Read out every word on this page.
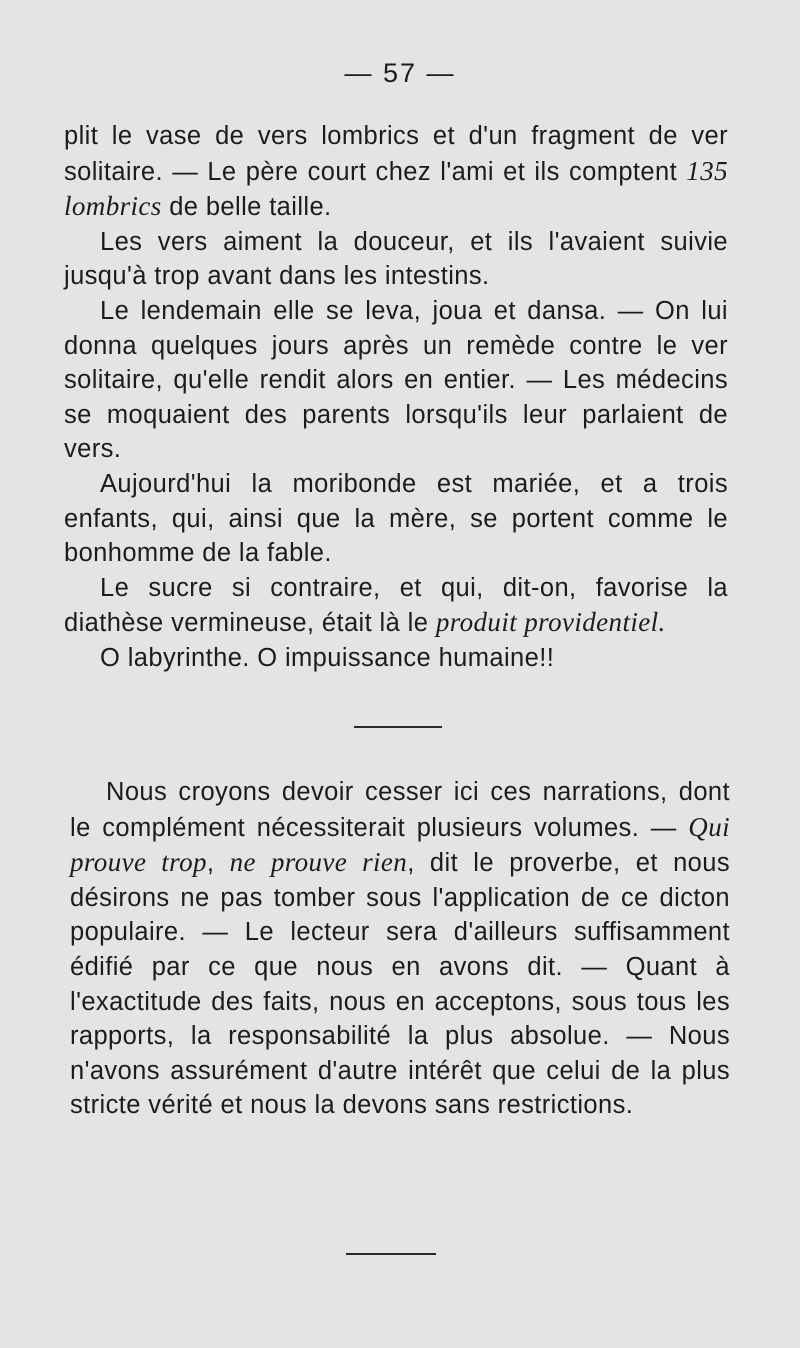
— 57 —

plit le vase de vers lombrics et d'un fragment de ver solitaire. — Le père court chez l'ami et ils comptent 135 lombrics de belle taille.

Les vers aiment la douceur, et ils l'avaient suivie jusqu'à trop avant dans les intestins.

Le lendemain elle se leva, joua et dansa. — On lui donna quelques jours après un remède contre le ver solitaire, qu'elle rendit alors en entier. — Les médecins se moquaient des parents lorsqu'ils leur parlaient de vers.

Aujourd'hui la moribonde est mariée, et a trois enfants, qui, ainsi que la mère, se portent comme le bonhomme de la fable.

Le sucre si contraire, et qui, dit-on, favorise la diathèse vermineuse, était là le produit providentiel.

O labyrinthe. O impuissance humaine!!

Nous croyons devoir cesser ici ces narrations, dont le complément nécessiterait plusieurs volumes. — Qui prouve trop, ne prouve rien, dit le proverbe, et nous désirons ne pas tomber sous l'application de ce dicton populaire. — Le lecteur sera d'ailleurs suffisamment édifié par ce que nous en avons dit. — Quant à l'exactitude des faits, nous en acceptons, sous tous les rapports, la responsabilité la plus absolue. — Nous n'avons assurément d'autre intérêt que celui de la plus stricte vérité et nous la devons sans restrictions.
